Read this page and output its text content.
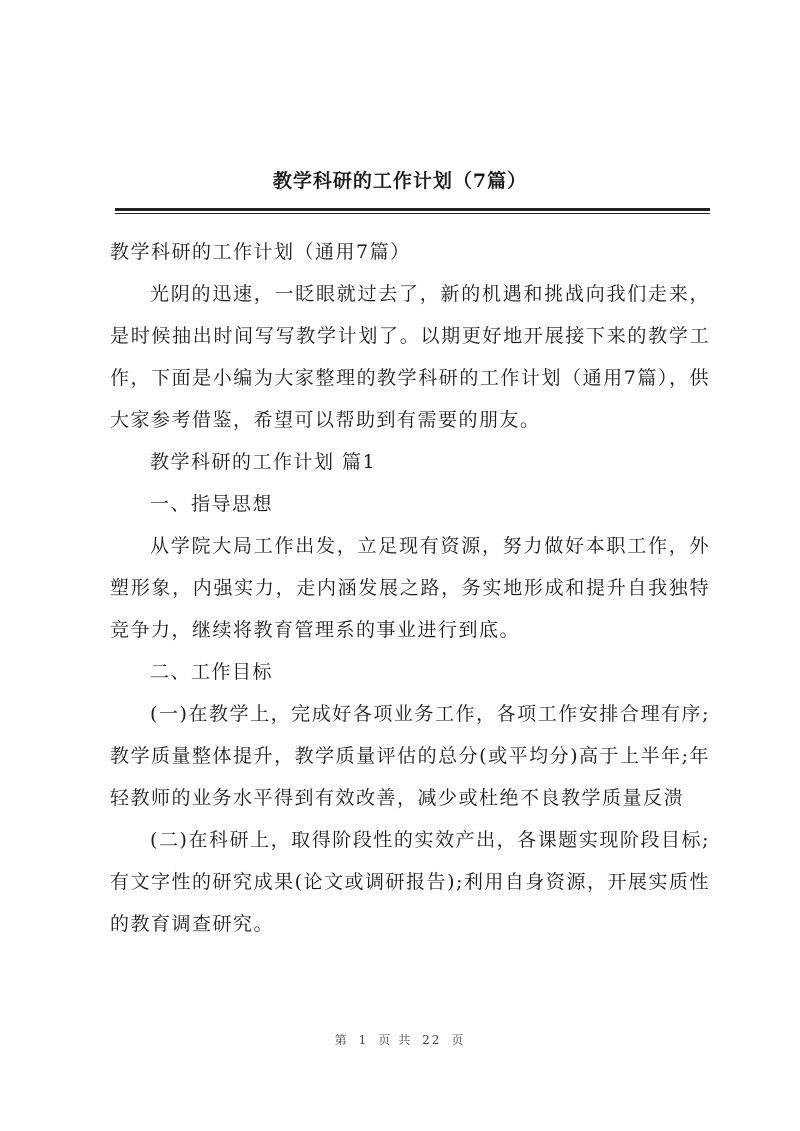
教学科研的工作计划（7篇）

教学科研的工作计划（通用7篇）

光阴的迅速，一眨眼就过去了，新的机遇和挑战向我们走来，是时候抽出时间写写教学计划了。以期更好地开展接下来的教学工作，下面是小编为大家整理的教学科研的工作计划（通用7篇），供大家参考借鉴，希望可以帮助到有需要的朋友。

教学科研的工作计划 篇1

一、指导思想

从学院大局工作出发，立足现有资源，努力做好本职工作，外塑形象，内强实力，走内涵发展之路，务实地形成和提升自我独特竞争力，继续将教育管理系的事业进行到底。

二、工作目标

(一)在教学上，完成好各项业务工作，各项工作安排合理有序;教学质量整体提升，教学质量评估的总分(或平均分)高于上半年;年轻教师的业务水平得到有效改善，减少或杜绝不良教学质量反溃

(二)在科研上，取得阶段性的实效产出，各课题实现阶段目标;有文字性的研究成果(论文或调研报告);利用自身资源，开展实质性的教育调查研究。

第 1 页 共 22 页
